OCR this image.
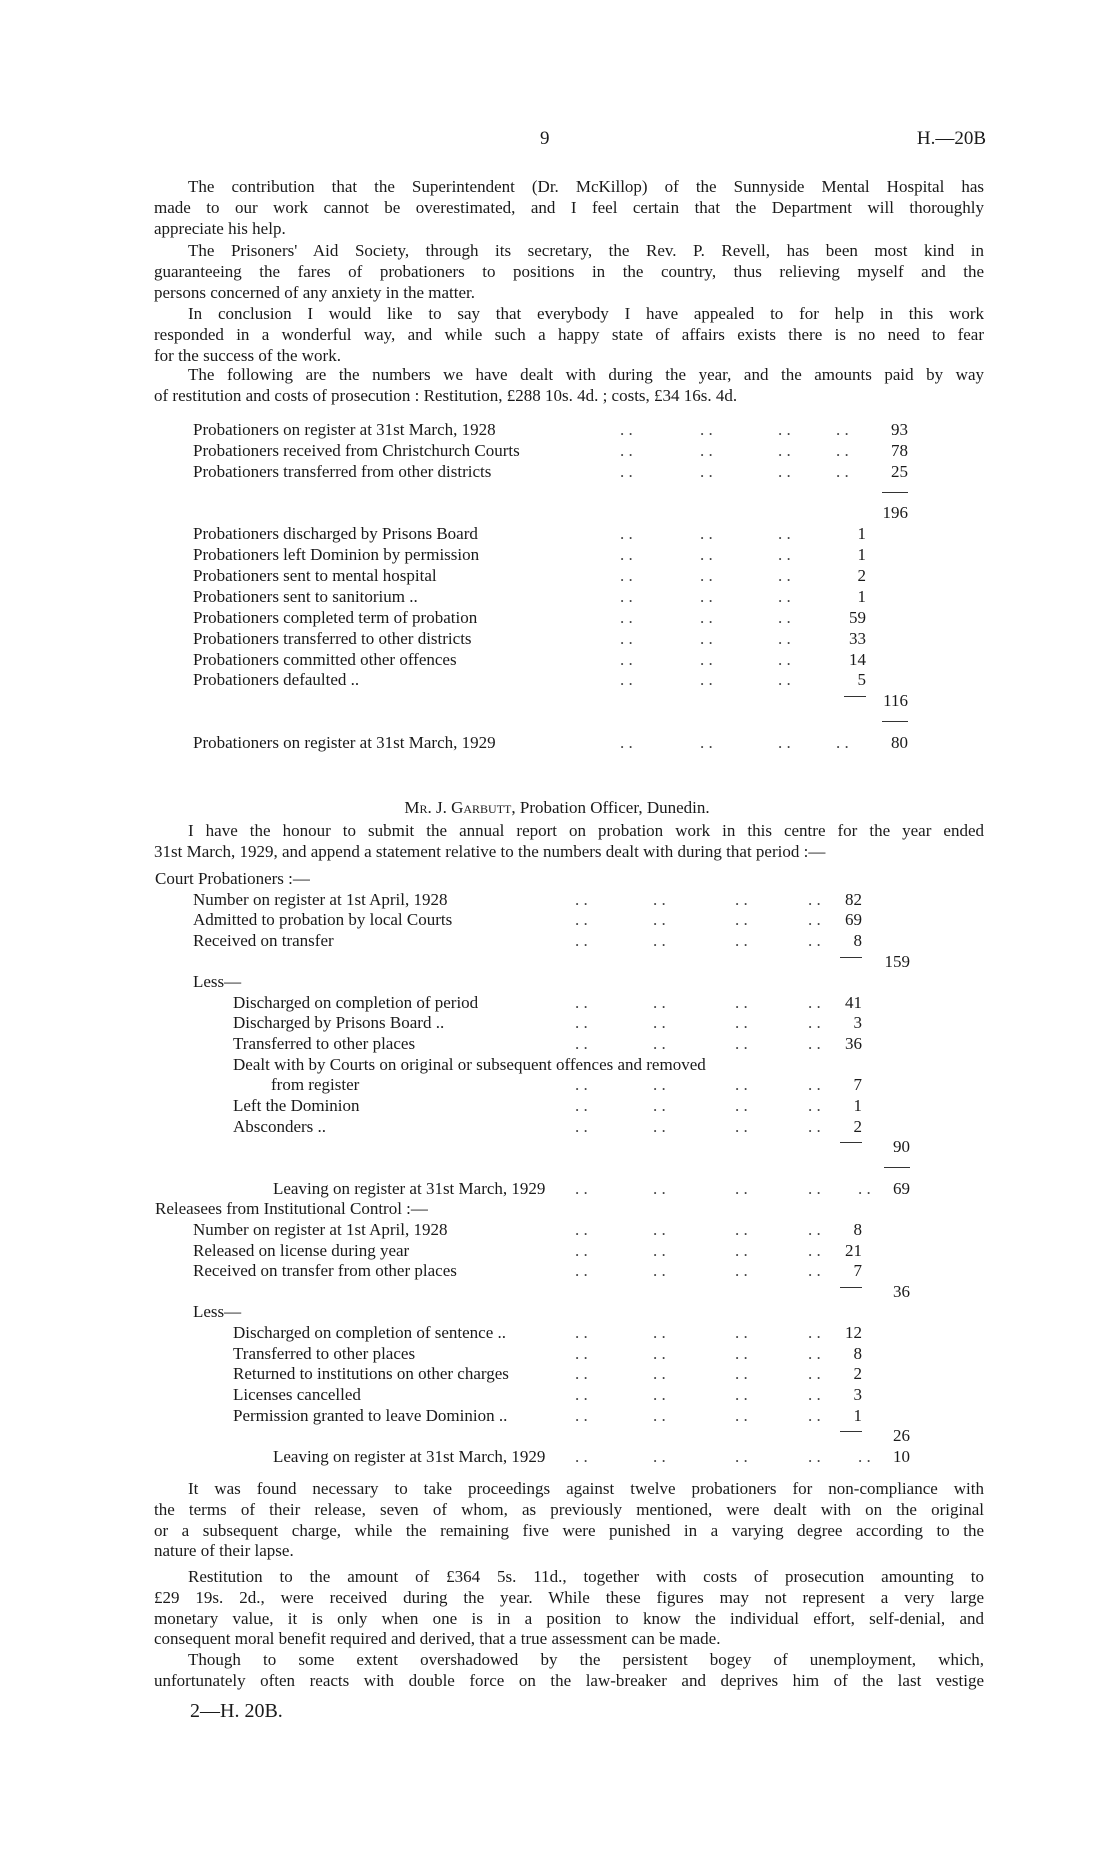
9	H.—20B
The contribution that the Superintendent (Dr. McKillop) of the Sunnyside Mental Hospital has
made to our work cannot be overestimated, and I feel certain that the Department will thoroughly
appreciate his help.
The Prisoners' Aid Society, through its secretary, the Rev. P. Revell, has been most kind in
guaranteeing the fares of probationers to positions in the country, thus relieving myself and the
persons concerned of any anxiety in the matter.
In conclusion I would like to say that everybody I have appealed to for help in this work
responded in a wonderful way, and while such a happy state of affairs exists there is no need to fear
for the success of the work.
The following are the numbers we have dealt with during the year, and the amounts paid by way
of restitution and costs of prosecution : Restitution, £288 10s. 4d. ; costs, £34 16s. 4d.
Probationers on register at 31st March, 1928	93
. .	. .	. .	. .
Probationers received from Christchurch Courts	78
. .	. .	. .	. .
Probationers transferred from other districts	25
. .	. .	. .	. .
196
Probationers discharged by Prisons Board	1
. .	. .	. .
Probationers left Dominion by permission	1
. .	. .	. .
Probationers sent to mental hospital	2
. .	. .	. .
Probationers sent to sanitorium ..	1
. .	. .	. .
Probationers completed term of probation	59
. .	. .	. .
Probationers transferred to other districts	33
. .	. .	. .
Probationers committed other offences	14
. .	. .	. .
Probationers defaulted ..	5
. .	. .	. .
116
Probationers on register at 31st March, 1929	80
. .	. .	. .	. .
Mr. J. Garbutt, Probation Officer, Dunedin.
I have the honour to submit the annual report on probation work in this centre for the year ended
31st March, 1929, and append a statement relative to the numbers dealt with during that period :—
Court Probationers :—
Number on register at 1st April, 1928	82
. .	. .	. .	. .
Admitted to probation by local Courts	69
. .	. .	. .	. .
Received on transfer	8
. .	. .	. .	. .
159
Less—
Discharged on completion of period	41
. .	. .	. .	. .
Discharged by Prisons Board ..	3
. .	. .	. .	. .
Transferred to other places	36
. .	. .	. .	. .
Dealt with by Courts on original or subsequent offences and removed
from register	7
. .	. .	. .	. .
Left the Dominion	1
. .	. .	. .	. .
Absconders ..	2
. .	. .	. .	. .
90
Leaving on register at 31st March, 1929	69
. .	. .	. .	. . . .
Releasees from Institutional Control :—
Number on register at 1st April, 1928	8
. .	. .	. .	. .
Released on license during year	21
. .	. .	. .	. .
Received on transfer from other places	7
. .	. .	. .	. .
36
Less—
Discharged on completion of sentence ..	12
. .	. .	. .	. .
Transferred to other places	8
. .	. .	. .	. .
Returned to institutions on other charges	2
. .	. .	. .	. .
Licenses cancelled	3
. .	. .	. .	. .
Permission granted to leave Dominion ..	1
. .	. .	. .	. .
26
Leaving on register at 31st March, 1929	10
. .	. .	. .	. . . .
It was found necessary to take proceedings against twelve probationers for non-compliance with
the terms of their release, seven of whom, as previously mentioned, were dealt with on the original
or a subsequent charge, while the remaining five were punished in a varying degree according to the
nature of their lapse.
Restitution to the amount of £364 5s. 11d., together with costs of prosecution amounting to
£29 19s. 2d., were received during the year. While these figures may not represent a very large
monetary value, it is only when one is in a position to know the individual effort, self-denial, and
consequent moral benefit required and derived, that a true assessment can be made.
Though to some extent overshadowed by the persistent bogey of unemployment, which,
unfortunately often reacts with double force on the law-breaker and deprives him of the last vestige
2—H. 20B.
